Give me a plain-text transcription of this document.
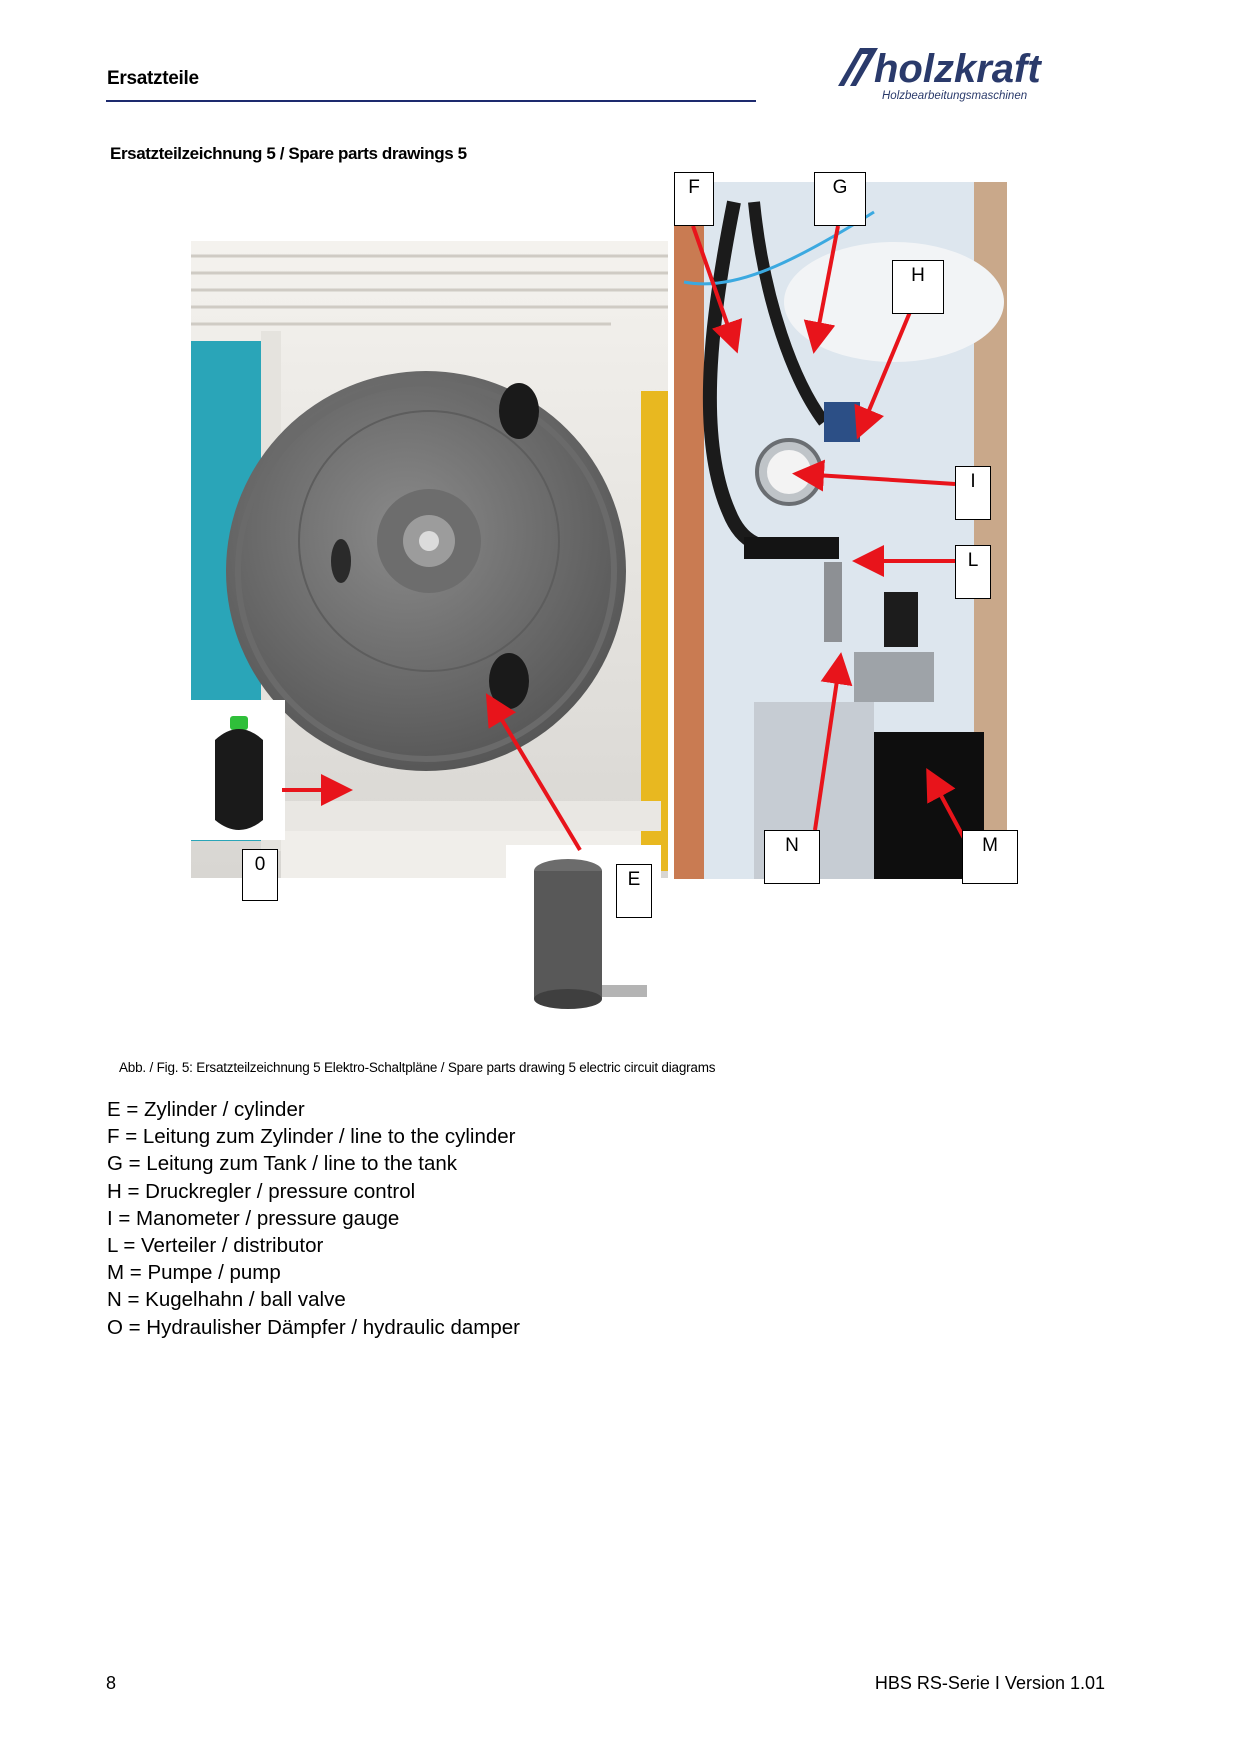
Ersatzteile	holzkraft
Holzbearbeitungsmaschinen
Ersatzteilzeichnung 5 / Spare parts drawings 5
F	G
H
I
L
N	M
0
E
Abb. / Fig. 5: Ersatzteilzeichnung 5 Elektro-Schaltpläne / Spare parts drawing 5 electric circuit diagrams
E = Zylinder / cylinder
F = Leitung zum Zylinder / line to the cylinder
G = Leitung zum Tank / line to the tank
H = Druckregler / pressure control
I = Manometer / pressure gauge
L = Verteiler / distributor
M = Pumpe / pump
N = Kugelhahn / ball valve
O = Hydraulisher Dämpfer / hydraulic damper
8	HBS RS-Serie I Version 1.01
